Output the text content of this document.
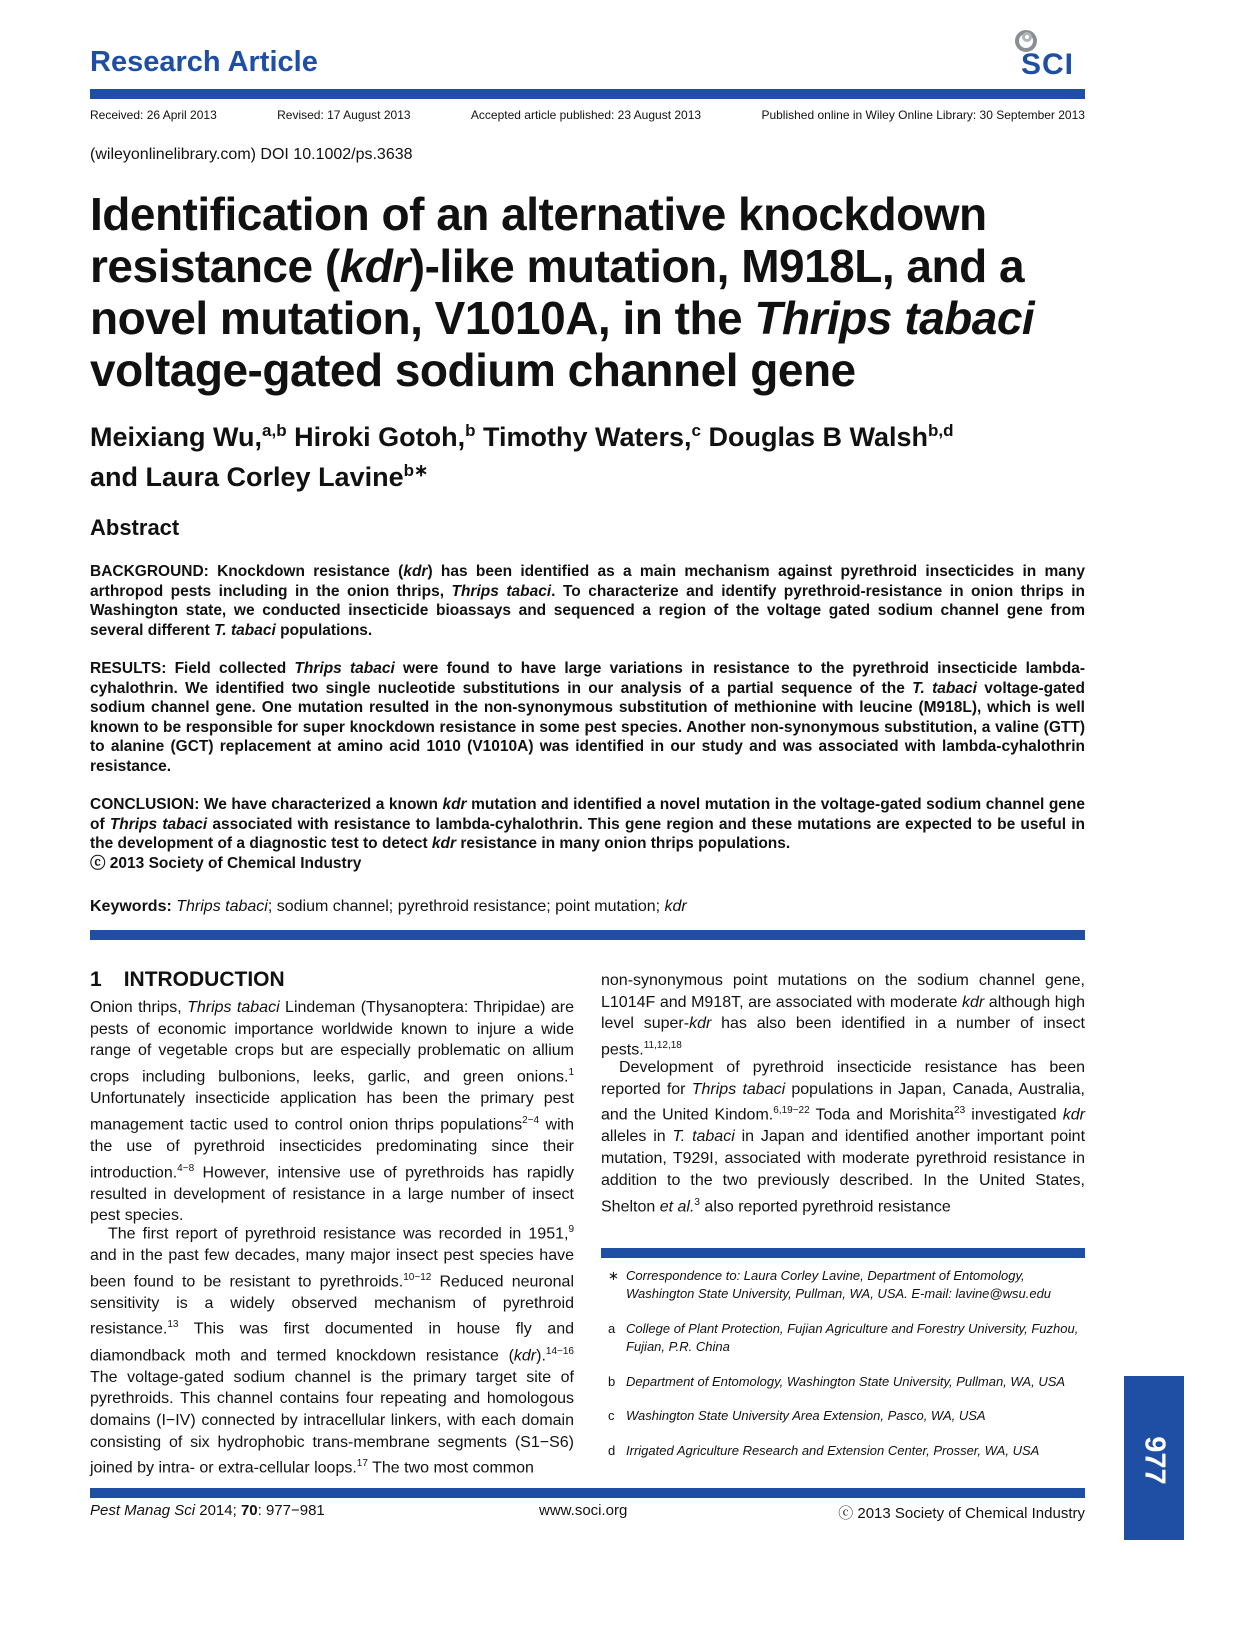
Research Article	SCI
Received: 26 April 2013	Revised: 17 August 2013	Accepted article published: 23 August 2013	Published online in Wiley Online Library: 30 September 2013
(wileyonlinelibrary.com) DOI 10.1002/ps.3638
Identification of an alternative knockdown resistance (kdr)-like mutation, M918L, and a novel mutation, V1010A, in the Thrips tabaci voltage-gated sodium channel gene
Meixiang Wu,$^{a,b}$ Hiroki Gotoh,$^b$ Timothy Waters,$^c$ Douglas B Walsh$^{b,d}$
and Laura Corley Lavine$^{b∗}$
Abstract
BACKGROUND: Knockdown resistance (kdr) has been identified as a main mechanism against pyrethroid insecticides in many arthropod pests including in the onion thrips, Thrips tabaci. To characterize and identify pyrethroid-resistance in onion thrips in Washington state, we conducted insecticide bioassays and sequenced a region of the voltage gated sodium channel gene from several different T. tabaci populations.
RESULTS: Field collected Thrips tabaci were found to have large variations in resistance to the pyrethroid insecticide lambda-cyhalothrin. We identified two single nucleotide substitutions in our analysis of a partial sequence of the T. tabaci voltage-gated sodium channel gene. One mutation resulted in the non-synonymous substitution of methionine with leucine (M918L), which is well known to be responsible for super knockdown resistance in some pest species. Another non-synonymous substitution, a valine (GTT) to alanine (GCT) replacement at amino acid 1010 (V1010A) was identified in our study and was associated with lambda-cyhalothrin resistance.
CONCLUSION: We have characterized a known kdr mutation and identified a novel mutation in the voltage-gated sodium channel gene of Thrips tabaci associated with resistance to lambda-cyhalothrin. This gene region and these mutations are expected to be useful in the development of a diagnostic test to detect kdr resistance in many onion thrips populations.
ⓒ 2013 Society of Chemical Industry
Keywords: Thrips tabaci; sodium channel; pyrethroid resistance; point mutation; kdr
1 INTRODUCTION
Onion thrips, Thrips tabaci Lindeman (Thysanoptera: Thripidae) are pests of economic importance worldwide known to injure a wide range of vegetable crops but are especially problematic on allium crops including bulbonions, leeks, garlic, and green onions.$^1$ Unfortunately insecticide application has been the primary pest management tactic used to control onion thrips populations$^{2-4}$ with the use of pyrethroid insecticides predominating since their introduction.$^{4-8}$ However, intensive use of pyrethroids has rapidly resulted in development of resistance in a large number of insect pest species.
The first report of pyrethroid resistance was recorded in 1951,$^9$ and in the past few decades, many major insect pest species have been found to be resistant to pyrethroids.$^{10-12}$ Reduced neuronal sensitivity is a widely observed mechanism of pyrethroid resistance.$^{13}$ This was first documented in house fly and diamondback moth and termed knockdown resistance (kdr).$^{14-16}$ The voltage-gated sodium channel is the primary target site of pyrethroids. This channel contains four repeating and homologous domains (I−IV) connected by intracellular linkers, with each domain consisting of six hydrophobic trans-membrane segments (S1−S6) joined by intra- or extra-cellular loops.$^{17}$ The two most common
non-synonymous point mutations on the sodium channel gene, L1014F and M918T, are associated with moderate kdr although high level super-kdr has also been identified in a number of insect pests.$^{11,12,18}$
Development of pyrethroid insecticide resistance has been reported for Thrips tabaci populations in Japan, Canada, Australia, and the United Kindom.$^{6,19-22}$ Toda and Morishita$^{23}$ investigated kdr alleles in T. tabaci in Japan and identified another important point mutation, T929I, associated with moderate pyrethroid resistance in addition to the two previously described. In the United States, Shelton et al.$^3$ also reported pyrethroid resistance
∗ Correspondence to: Laura Corley Lavine, Department of Entomology, Washington State University, Pullman, WA, USA. E-mail: lavine@wsu.edu
a College of Plant Protection, Fujian Agriculture and Forestry University, Fuzhou, Fujian, P.R. China
b Department of Entomology, Washington State University, Pullman, WA, USA
c Washington State University Area Extension, Pasco, WA, USA
d Irrigated Agriculture Research and Extension Center, Prosser, WA, USA	977
Pest Manag Sci 2014; 70: 977−981	www.soci.org	ⓒ 2013 Society of Chemical Industry
